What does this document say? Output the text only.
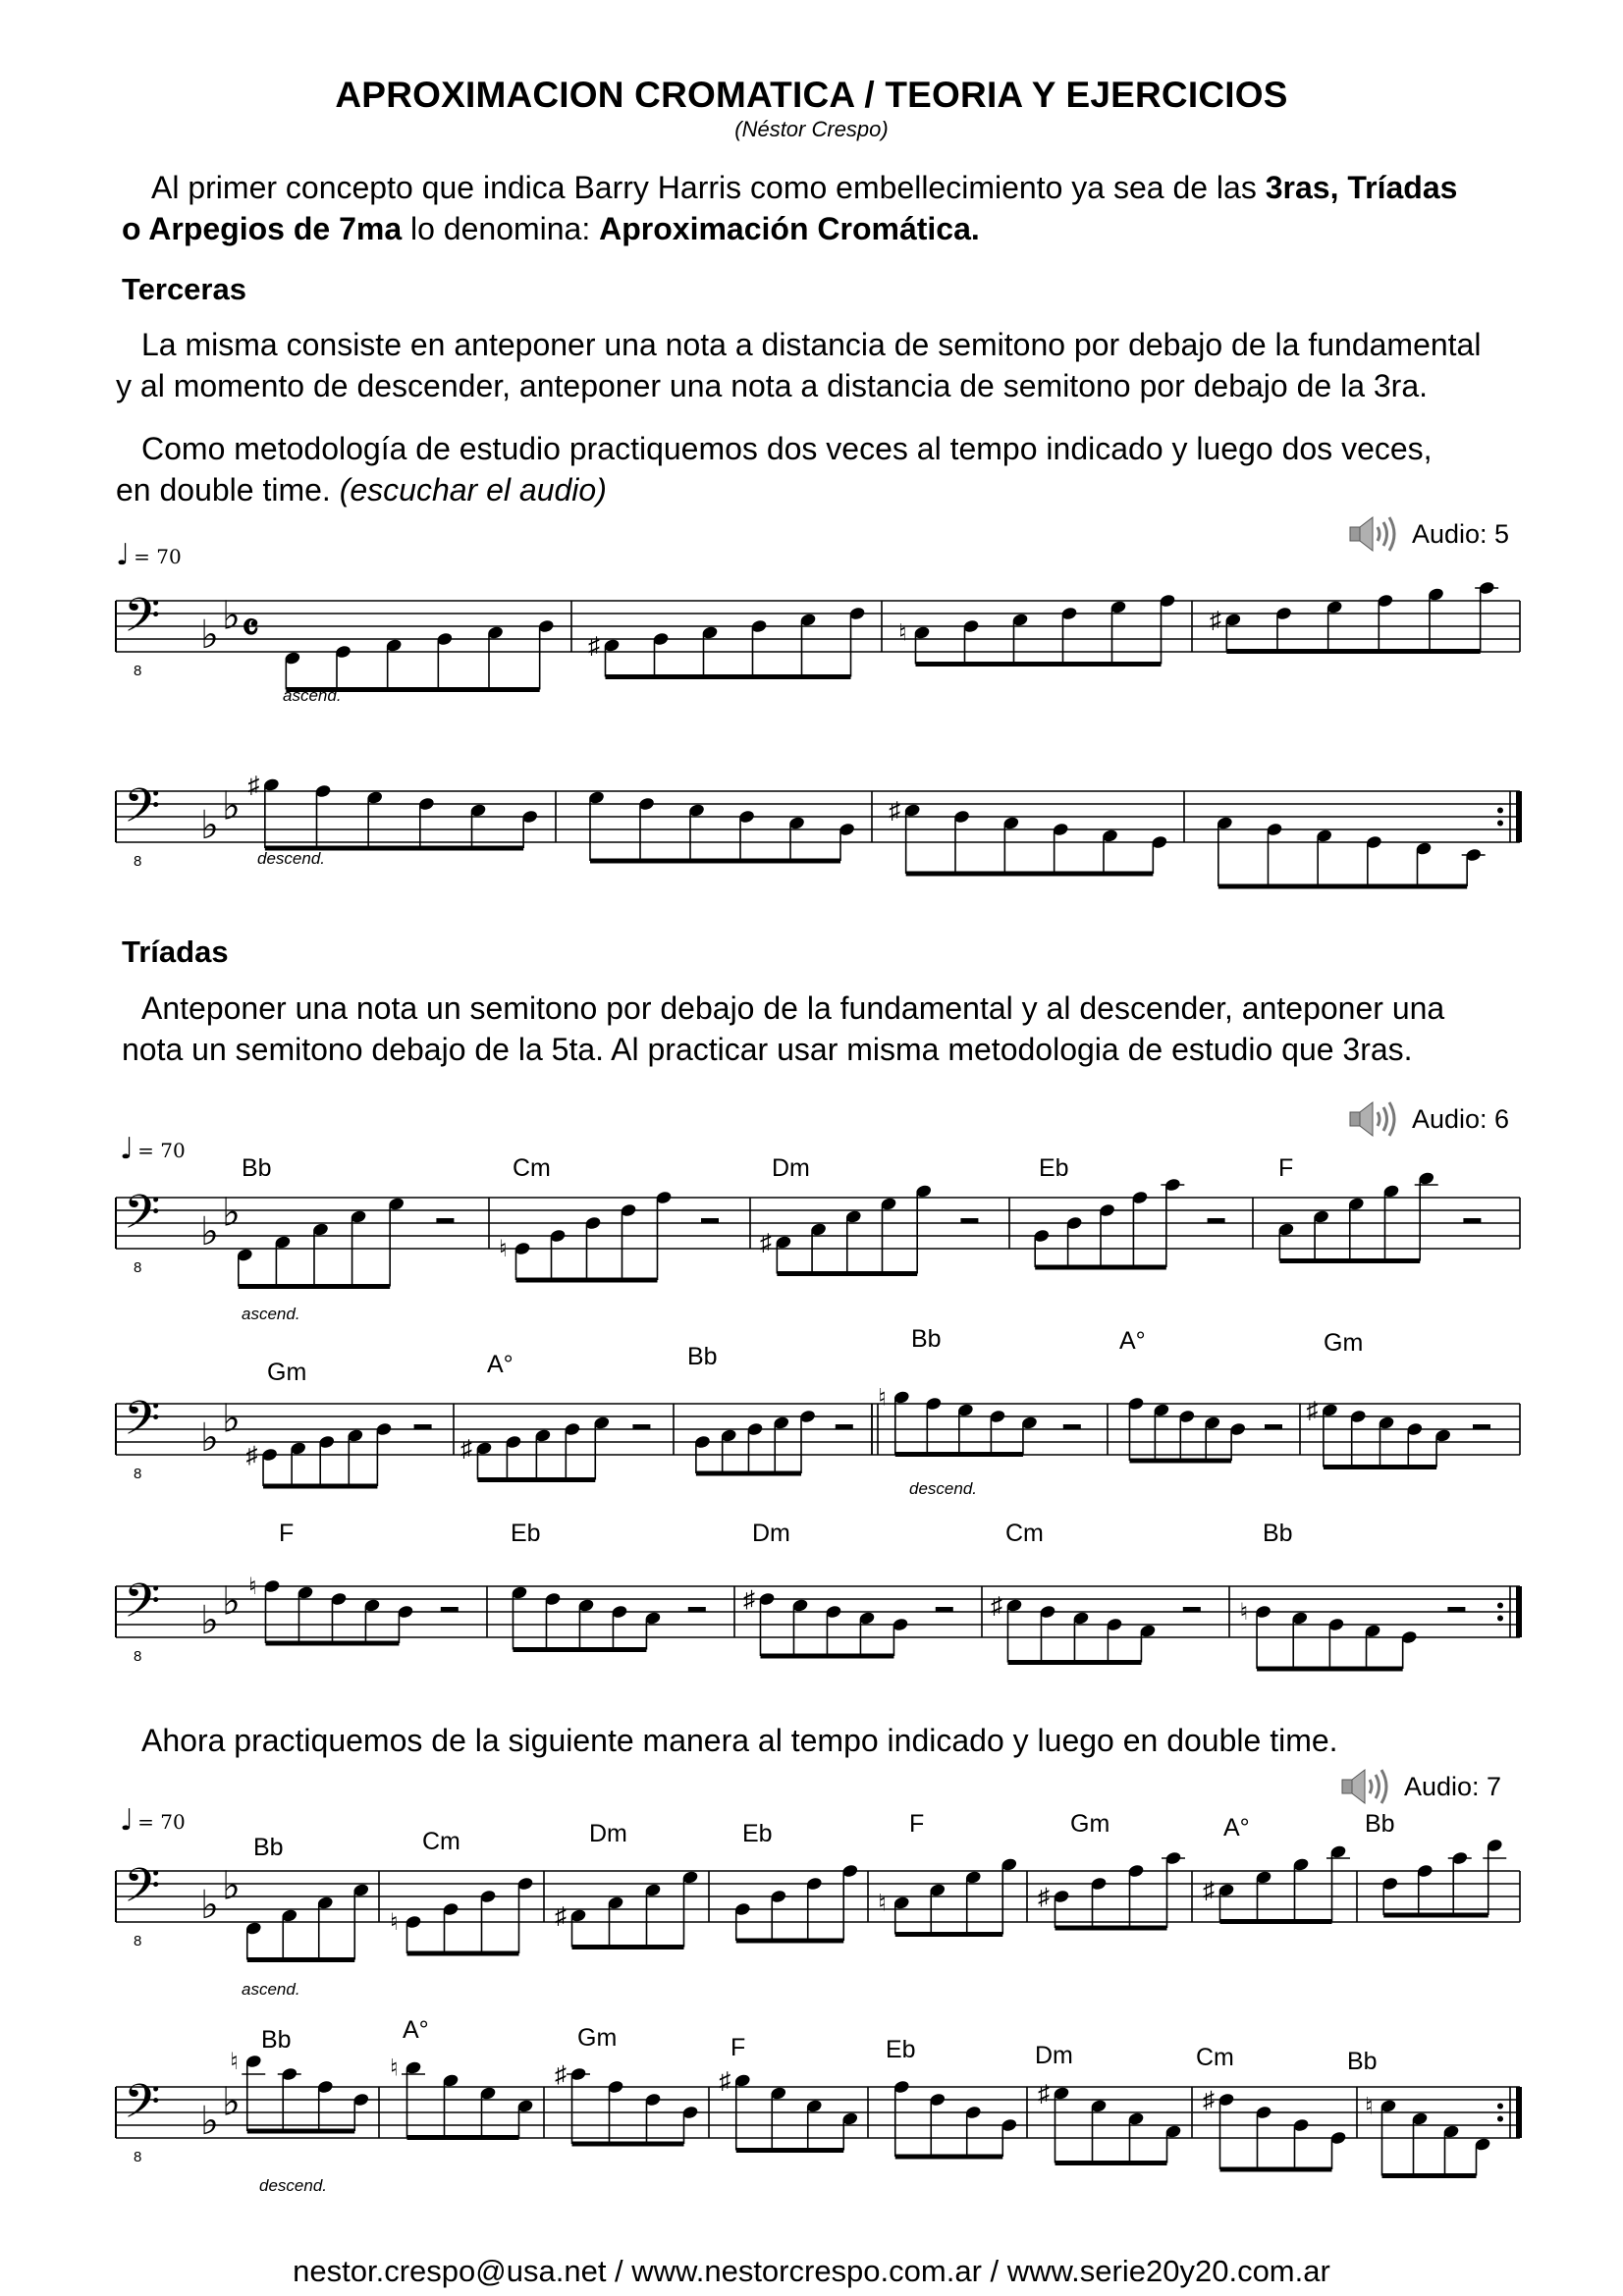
APROXIMACION CROMATICA / TEORIA Y EJERCICIOS
(Néstor Crespo)
Al primer concepto que indica Barry Harris como embellecimiento ya sea de las 3ras, Tríadas
o Arpegios de 7ma lo denomina: Aproximación Cromática.
Terceras
La misma consiste en anteponer una nota a distancia de semitono por debajo de la fundamental
y al momento de descender, anteponer una nota a distancia de semitono por debajo de la 3ra.
Como metodología de estudio practiquemos dos veces al tempo indicado y luego dos veces,
en double time. (escuchar el audio)
Audio: 5
Audio: 6
Audio: 7
♩ = 70
♩ = 70
♩ = 70
Tríadas
Anteponer una nota un semitono por debajo de la fundamental y al descender, anteponer una
nota un semitono debajo de la 5ta. Al practicar usar misma metodologia de estudio que 3ras.
Ahora practiquemos de la siguiente manera al tempo indicado y luego en double time.
𝄢
8
♭ ♭ 𝄴	♯	♮	♯
ascend.
𝄢
8
♭ ♭ ♯
♯
descend.
𝄢
8
♭ ♭
♮	♯
Bb	Cm	Dm	Eb	F
ascend.
𝄢
8
♭ ♭
♯	♯
♮	♯
Gm	A°	Bb
Bb	A°	Gm
descend.
𝄢
8
♭ ♭ ♮	♯	♯	♮
F	Eb	Dm	Cm	Bb
𝄢
8
♭ ♭
♮	♯	♮	♯	♯
Bb	Cm	Dm	Eb	F	Gm	A°	Bb
ascend.
𝄢
8
♭ ♭
♮	♮	♯	♯	♯	♯	♮
Bb	A°	Gm	F	Eb	Dm	Cm	Bb
descend.
nestor.crespo@usa.net / www.nestorcrespo.com.ar / www.serie20y20.com.ar
